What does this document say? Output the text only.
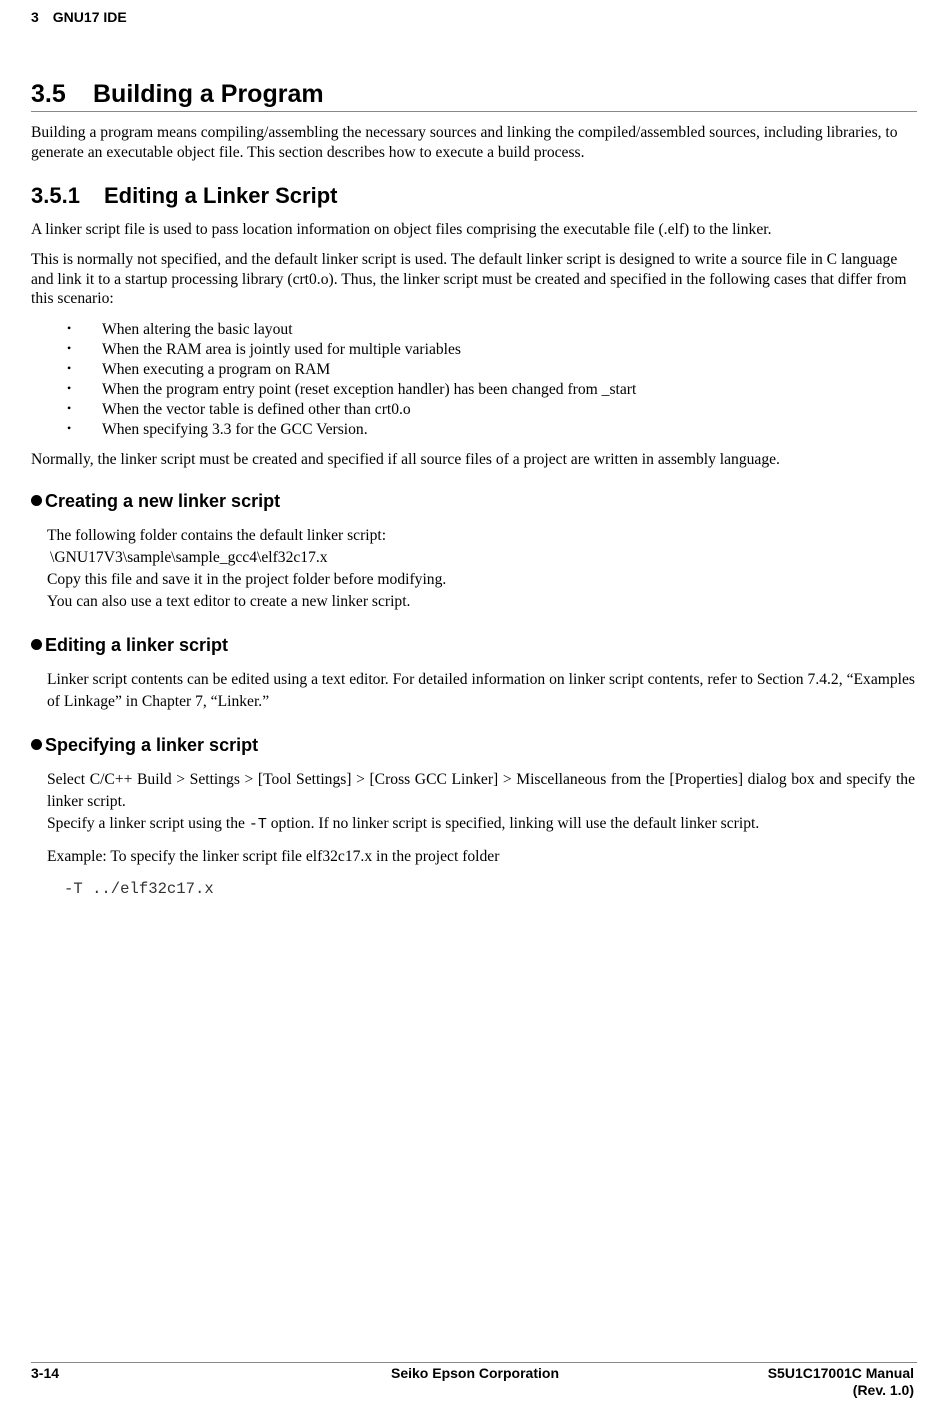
3 GNU17 IDE
3.5 Building a Program

Building a program means compiling/assembling the necessary sources and linking the compiled/assembled sources, including libraries, to generate an executable object file. This section describes how to execute a build process.

3.5.1 Editing a Linker Script

A linker script file is used to pass location information on object files comprising the executable file (.elf) to the linker.

This is normally not specified, and the default linker script is used. The default linker script is designed to write a source file in C language and link it to a startup processing library (crt0.o). Thus, the linker script must be created and specified in the following cases that differ from this scenario:

• When altering the basic layout
• When the RAM area is jointly used for multiple variables
• When executing a program on RAM
• When the program entry point (reset exception handler) has been changed from _start
• When the vector table is defined other than crt0.o
• When specifying 3.3 for the GCC Version.

Normally, the linker script must be created and specified if all source files of a project are written in assembly language.

Creating a new linker script
The following folder contains the default linker script:
\GNU17V3\sample\sample_gcc4\elf32c17.x
Copy this file and save it in the project folder before modifying.
You can also use a text editor to create a new linker script.
Editing a linker script

Linker script contents can be edited using a text editor. For detailed information on linker script contents, refer to Section 7.4.2, “Examples of Linkage” in Chapter 7, “Linker.”

Specifying a linker script
Select C/C++ Build > Settings > [Tool Settings] > [Cross GCC Linker] > Miscellaneous from the [Properties] dialog box and specify the linker script.
Specify a linker script using the -T option. If no linker script is specified, linking will use the default linker script.

Example: To specify the linker script file elf32c17.x in the project folder

-T ../elf32c17.x
3-14	Seiko Epson Corporation	S5U1C17001C Manual
(Rev. 1.0)
